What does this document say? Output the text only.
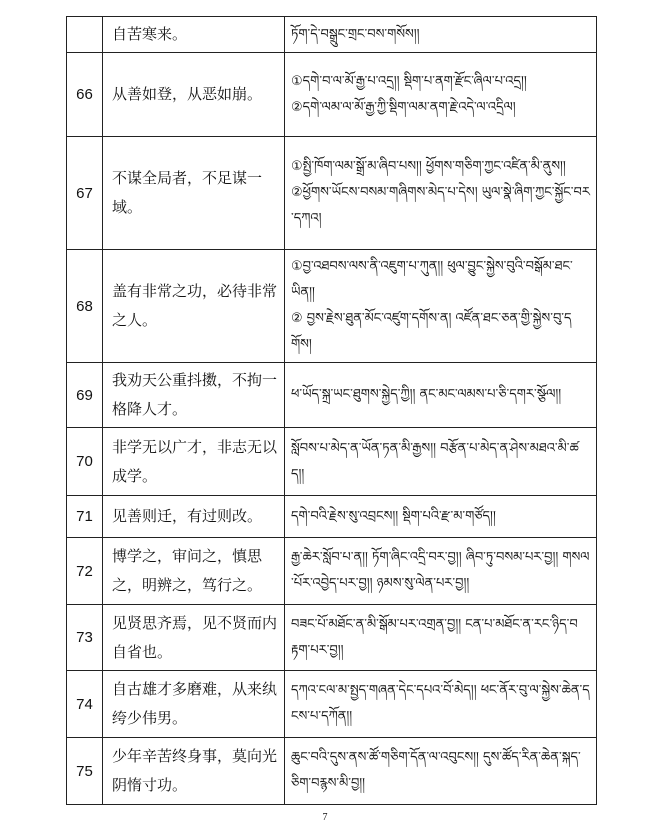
	自苦寒来。	ཏོག་དེ་བསྒྲུང་གྲང་བས་གསོས།།

66	从善如登，从恶如崩。	①དགེ་བ་ལ་མོ་རྒྱ་པ་འདྲ།། སྡིག་པ་ནག་རྫོང་ཞིལ་པ་འདྲ།།
②དགེ་ལམ་ལ་མོ་རྒྱ་ཀྱི་སྡིག་ལམ་ནག་རྗེ་འདེ་ལ་འདྲིལ།

67	不谋全局者，不足谋一域。	①སྤྱི་ཁོག་ལམ་སྒྲོ་མ་ཞིབ་པས།། ཕྱོགས་གཅིག་ཀྱང་འཛིན་མི་ནུས།།
②ཕྱོགས་ཡོངས་བསམ་གཞིགས་མེད་པ་དེས། ཡུལ་སྣེ་ཞིག་ཀྱང་སྐྱོང་བར་དཀའ།

68	盖有非常之功，必待非常之人。	①བྱ་འཐབས་ལས་ནི་འཇུག་པ་ཀུན།། ཕུལ་བྱུང་སྐྱེས་བུའི་བསྒོམ་ཐང་ཡིན།།
② བྱས་རྗེས་ཐུན་མོང་འཛུག་དགོས་ན། འཛོན་ཐང་ཅན་གྱི་སྐྱེས་བུ་དགོས།

69	我劝天公重抖擞，不拘一格降人才。	ཕ་ཡོད་སྐྲ་ཡང་ཐུགས་སྐྱེད་ཀྱི།། ནང་མང་ལམས་པ་ཅི་དགར་སྩོལ།།

70	非学无以广才，非志无以成学。	སློབས་པ་མེད་ན་ཡོན་ཏན་མི་རྒྱས།། བརྩོན་པ་མེད་ན་ཤེས་མཐའ་མི་ཚད།།

71	见善则迁，有过则改。	དགེ་བའི་རྗེས་སུ་འབྲངས།། སྡིག་པའི་རྫ་མ་གཙོད།།

72	博学之，审问之，慎思之，明辨之，笃行之。	རྒྱ་ཆེར་སློབ་པ་ན།། ཏོག་ཞིང་འདྲི་བར་བྱ།། ཞིབ་ཏུ་བསམ་པར་བྱ།། གསལ་པོར་འབྱེད་པར་བྱ།། ཉམས་སུ་ལེན་པར་བྱ།།

73	见贤思齐焉，见不贤而内自省也。	བཟང་པོ་མཐོང་ན་མི་སྒོམ་པར་འགྲན་བྱ།། ངན་པ་མཐོང་ན་རང་ཉིད་བརྟག་པར་བྱ།།

74	自古雄才多磨难，从来纨绔少伟男。	དཀའ་ངལ་མ་སྤྱད་གཞན་དེང་དཔའ་བོ་མེད།། ཕང་ནོར་བུ་ལ་སྐྱེས་ཆེན་དངས་པ་དཀོན།།

75	少年辛苦终身事，莫向光阴惰寸功。	ཆུང་བའི་དུས་ནས་ཚོ་གཅིག་དོན་ལ་འབུངས།། དུས་ཚོད་རིན་ཆེན་སྐད་ཅིག་བརྙས་མི་བྱ།།
7
